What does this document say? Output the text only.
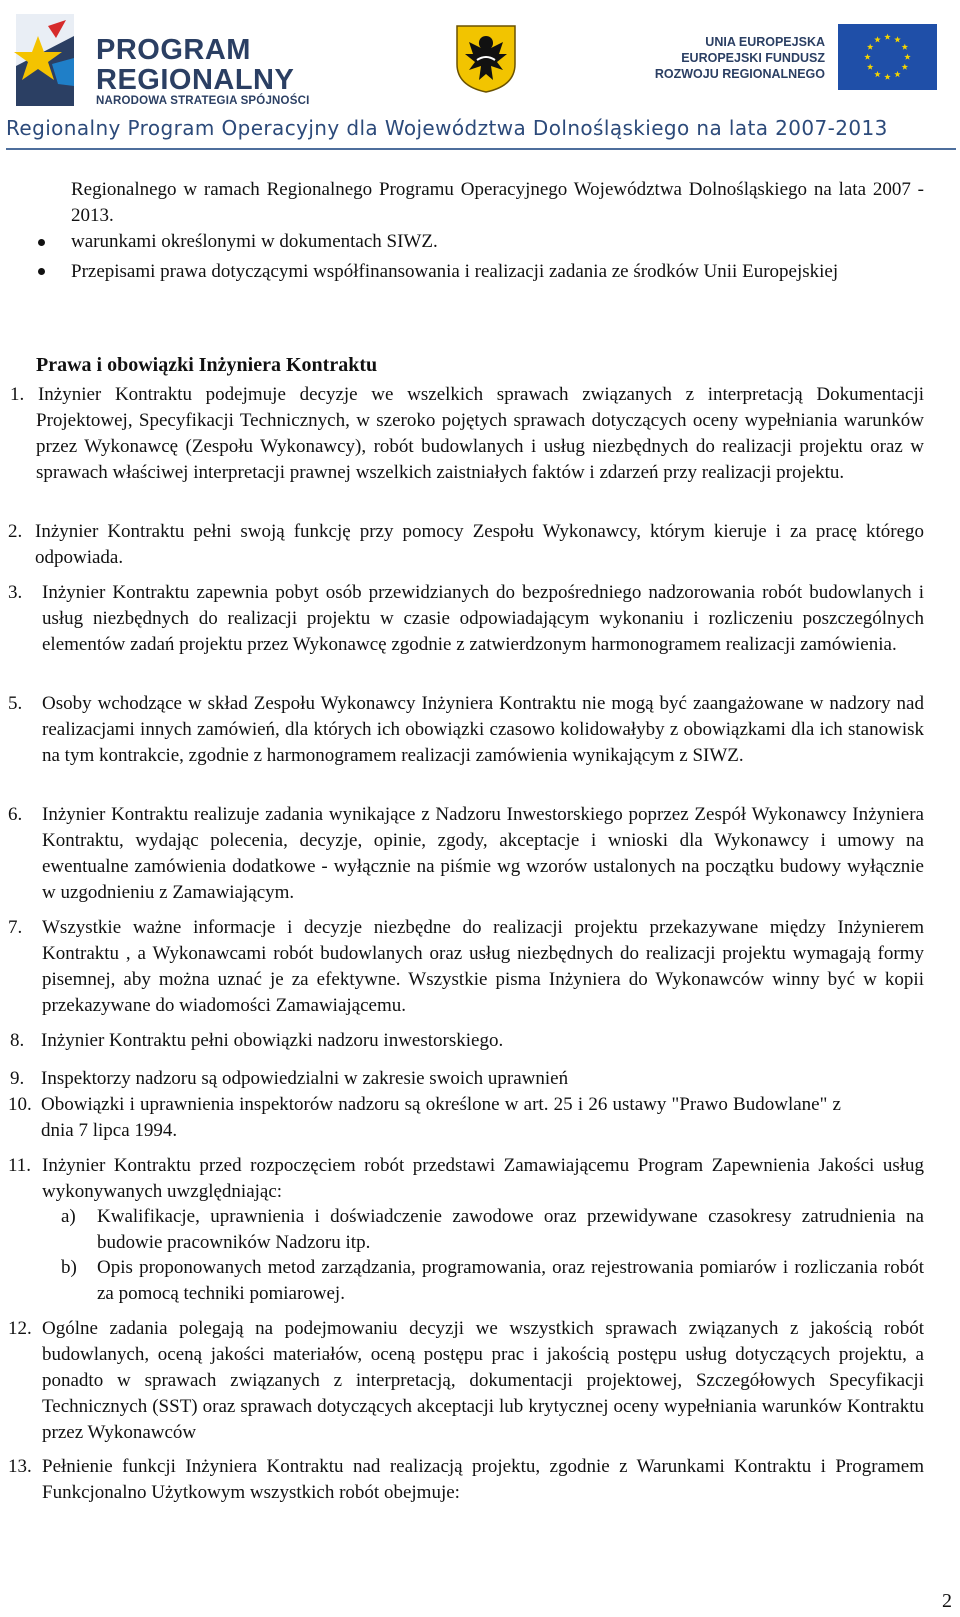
PROGRAM
REGIONALNY
NARODOWA STRATEGIA SPÓJNOŚCI
UNIA EUROPEJSKA
EUROPEJSKI FUNDUSZ
ROZWOJU REGIONALNEGO
Regionalny Program Operacyjny dla Województwa Dolnośląskiego na lata 2007-2013
Regionalnego w ramach Regionalnego Programu Operacyjnego Województwa Dolnośląskiego na lata 2007 - 2013.
warunkami określonymi w dokumentach SIWZ.
Przepisami prawa dotyczącymi współfinansowania i realizacji zadania ze środków Unii Europejskiej
Prawa i obowiązki Inżyniera Kontraktu
1. Inżynier Kontraktu podejmuje decyzje we wszelkich sprawach związanych z interpretacją Dokumentacji Projektowej, Specyfikacji Technicznych, w szeroko pojętych sprawach dotyczących oceny wypełniania warunków przez Wykonawcę (Zespołu Wykonawcy), robót budowlanych i usług niezbędnych do realizacji projektu oraz w sprawach właściwej interpretacji prawnej wszelkich zaistniałych faktów i zdarzeń przy realizacji projektu.
2. Inżynier Kontraktu pełni swoją funkcję przy pomocy Zespołu Wykonawcy, którym kieruje i za pracę którego odpowiada.
3. Inżynier Kontraktu zapewnia pobyt osób przewidzianych do bezpośredniego nadzorowania robót budowlanych i usług niezbędnych do realizacji projektu w czasie odpowiadającym wykonaniu i rozliczeniu poszczególnych elementów zadań projektu przez Wykonawcę zgodnie z zatwierdzonym harmonogramem realizacji zamówienia.
5. Osoby wchodzące w skład Zespołu Wykonawcy Inżyniera Kontraktu nie mogą być zaangażowane w nadzory nad realizacjami innych zamówień, dla których ich obowiązki czasowo kolidowałyby z obowiązkami dla ich stanowisk na tym kontrakcie, zgodnie z harmonogramem realizacji zamówienia wynikającym z SIWZ.
6. Inżynier Kontraktu realizuje zadania wynikające z Nadzoru Inwestorskiego poprzez Zespół Wykonawcy Inżyniera Kontraktu, wydając polecenia, decyzje, opinie, zgody, akceptacje i wnioski dla Wykonawcy i umowy na ewentualne zamówienia dodatkowe - wyłącznie na piśmie wg wzorów ustalonych na początku budowy wyłącznie w uzgodnieniu z Zamawiającym.
7. Wszystkie ważne informacje i decyzje niezbędne do realizacji projektu przekazywane między Inżynierem Kontraktu , a Wykonawcami robót budowlanych oraz usług niezbędnych do realizacji projektu wymagają formy pisemnej, aby można uznać je za efektywne. Wszystkie pisma Inżyniera do Wykonawców winny być w kopii przekazywane do wiadomości Zamawiającemu.
8. Inżynier Kontraktu pełni obowiązki nadzoru inwestorskiego.
9. Inspektorzy nadzoru są odpowiedzialni w zakresie swoich uprawnień
10. Obowiązki i uprawnienia inspektorów nadzoru są określone w art. 25 i 26 ustawy "Prawo Budowlane" z dnia 7 lipca 1994.
11. Inżynier Kontraktu przed rozpoczęciem robót przedstawi Zamawiającemu Program Zapewnienia Jakości usług wykonywanych uwzględniając:
a) Kwalifikacje, uprawnienia i doświadczenie zawodowe oraz przewidywane czasokresy zatrudnienia na budowie pracowników Nadzoru itp.
b) Opis proponowanych metod zarządzania, programowania, oraz rejestrowania pomiarów i rozliczania robót za pomocą techniki pomiarowej.
12. Ogólne zadania polegają na podejmowaniu decyzji we wszystkich sprawach związanych z jakością robót budowlanych, oceną jakości materiałów, oceną postępu prac i jakością postępu usług dotyczących projektu, a ponadto w sprawach związanych z interpretacją, dokumentacji projektowej, Szczegółowych Specyfikacji Technicznych (SST) oraz sprawach dotyczących akceptacji lub krytycznej oceny wypełniania warunków Kontraktu przez Wykonawców
13. Pełnienie funkcji Inżyniera Kontraktu nad realizacją projektu, zgodnie z Warunkami Kontraktu i Programem Funkcjonalno Użytkowym wszystkich robót obejmuje:
2
